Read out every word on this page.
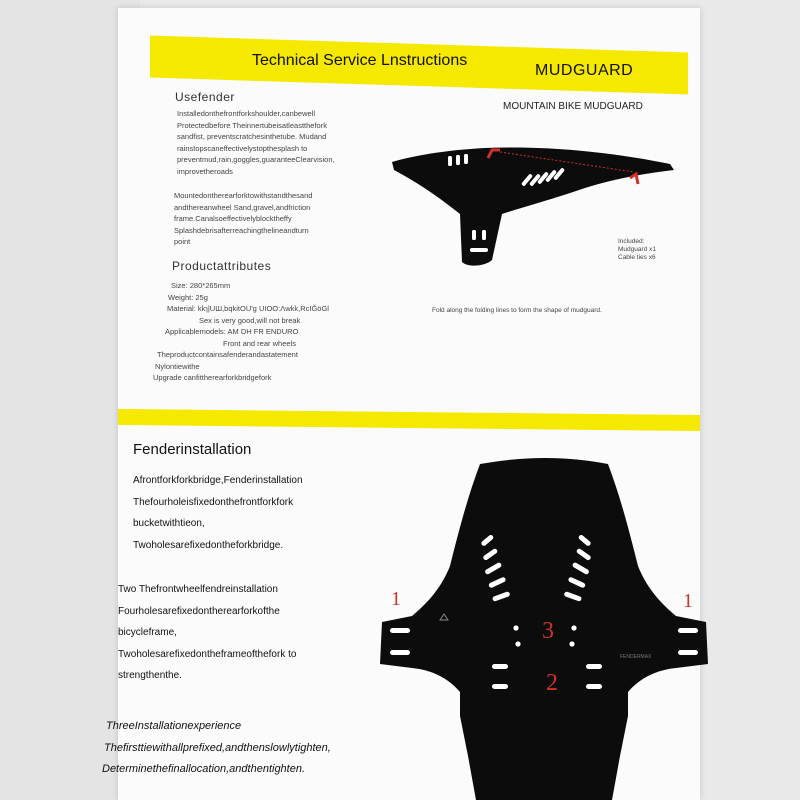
Technical Service Lnstructions
MUDGUARD
MOUNTAIN BIKE MUDGUARD
Usefender
Installedonthefrontforkshoulder,canbewell
Protectedbefore Theinnertubeisatleastthefork
sandfist, preventscratchesinthetube. Mudand
rainstopscaneffectivelystopthesplash to
preventmud,rain,goggles,guaranteeClearvision,
improvetheroads
Mountedontherearforktowithstandthesand
andthereanwheel Sand,gravel,andfriction
frame.Canalsoeffectivelyblocktheffy
Splashdebrisafterreachingthelineandturn
point
Productattributes
Size: 280*265mm
Weight: 25g
Material: kkɿ|UШ,bqkitOU'g UIOO:Ʌwkk,RcIĞöGl
Sex is very good,will not break
Applicablemodels: AM DH FR ENDURO
Front and rear wheels
Theproductcontainsafenderandastatement
Nylontiewithe
Upgrade canfittherearforkbridgefork
Included:
Mudguard x1
Cable ties x6
Fold along the folding lines to form the shape of mudguard.
Fenderinstallation
Afrontforkforkbridge,Fenderinstallation
Thefourholeisfixedonthefrontforkfork
bucketwithtieon,
Twoholesarefixedontheforkbridge.
Two Thefrontwheelfendreinstallation
Fourholesarefixedontherearforkofthe
bicycleframe,
Twoholesarefixedontheframeofthefork to
strengthenthe.
ThreeInstallationexperience
Thefirsttiewithallprefixed,andthenslowlytighten,
Determinethefinallocation,andthentighten.
1	1
3
2
FENDERMAX
